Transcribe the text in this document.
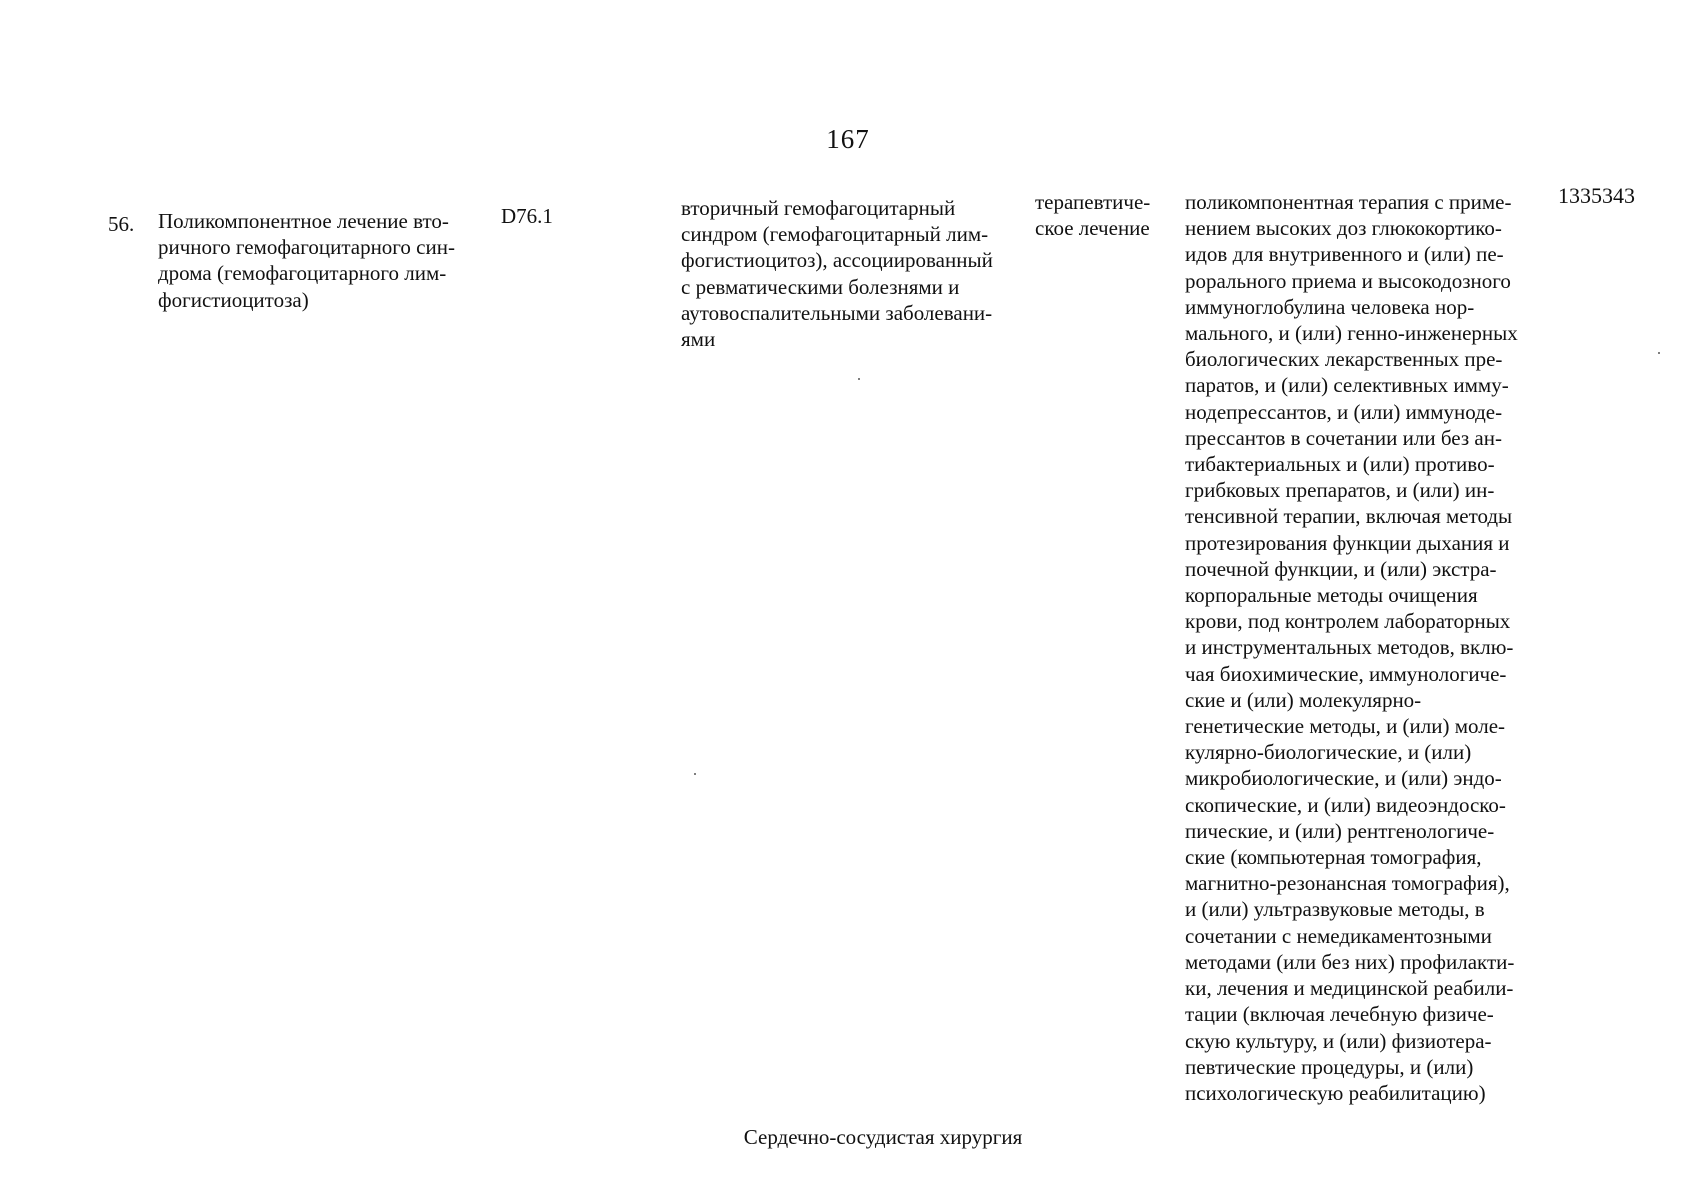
167
56. Поликомпонентное лечение вто-
ричного гемофагоцитарного син-
дрома (гемофагоцитарного лим-
фогистиоцитоза)
D76.1	вторичный гемофагоцитарный
синдром (гемофагоцитарный лим-
фогистиоцитоз), ассоциированный
с ревматическими болезнями и
аутовоспалительными заболевани-
ями
терапевтиче-
ское лечение
поликомпонентная терапия с приме-
нением высоких доз глюкокортико-
идов для внутривенного и (или) пе-
рорального приема и высокодозного
иммуноглобулина человека нор-
мального, и (или) генно-инженерных
биологических лекарственных пре-
паратов, и (или) селективных имму-
нодепрессантов, и (или) иммуноде-
прессантов в сочетании или без ан-
тибактериальных и (или) противо-
грибковых препаратов, и (или) ин-
тенсивной терапии, включая методы
протезирования функции дыхания и
почечной функции, и (или) экстра-
корпоральные методы очищения
крови, под контролем лабораторных
и инструментальных методов, вклю-
чая биохимические, иммунологиче-
ские и (или) молекулярно-
генетические методы, и (или) моле-
кулярно-биологические, и (или)
микробиологические, и (или) эндо-
скопические, и (или) видеоэндоско-
пические, и (или) рентгенологиче-
ские (компьютерная томография,
магнитно-резонансная томография),
и (или) ультразвуковые методы, в
сочетании с немедикаментозными
методами (или без них) профилакти-
ки, лечения и медицинской реабили-
тации (включая лечебную физиче-
скую культуру, и (или) физиотера-
певтические процедуры, и (или)
психологическую реабилитацию)
1335343
Сердечно-сосудистая хирургия
